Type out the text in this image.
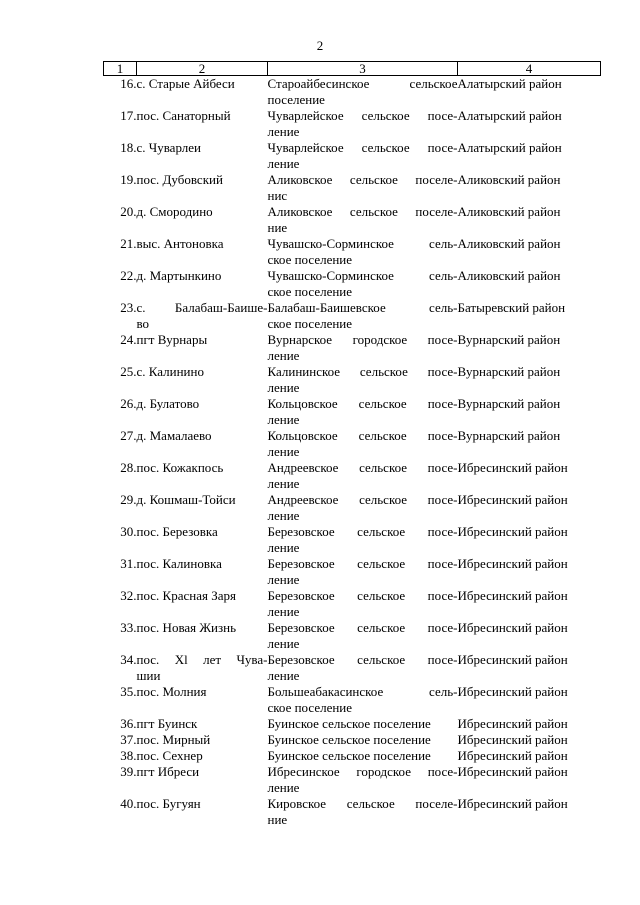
2
1	2	3	4
16.	с. Старые Айбеси	Староайбесинское сельское
поселение	Алатырский район
17.	пос. Санаторный	Чуварлейское сельское посе-
ление	Алатырский район
18.	с. Чуварлеи	Чуварлейское сельское посе-
ление	Алатырский район
19.	пос. Дубовский	Аликовское сельское поселе-
нис	Аликовский район
20.	д. Смородино	Аликовское сельское поселе-
ние	Аликовский район
21.	выс. Антоновка	Чувашско-Сорминское сель-
ское поселение	Аликовский район
22.	д. Мартынкино	Чувашско-Сорминское сель-
ское поселение	Аликовский район
23.	с. Балабаш-Баише-
во	Балабаш-Баишевское сель-
ское поселение	Батыревский район
24.	пгт Вурнары	Вурнарское городское посе-
ление	Вурнарский район
25.	с. Калинино	Калининское сельское посе-
ление	Вурнарский район
26.	д. Булатово	Кольцовское сельское посе-
ление	Вурнарский район
27.	д. Мамалаево	Кольцовское сельское посе-
ление	Вурнарский район
28.	пос. Кожакпось	Андреевское сельское посе-
ление	Ибресинский район
29.	д. Кошмаш-Тойси	Андреевское сельское посе-
ление	Ибресинский район
30.	пос. Березовка	Березовское сельское посе-
ление	Ибресинский район
31.	пос. Калиновка	Березовское сельское посе-
ление	Ибресинский район
32.	пос. Красная Заря	Березовское сельское посе-
ление	Ибресинский район
33.	пос. Новая Жизнь	Березовское сельское посе-
ление	Ибресинский район
34.	пос. Xl лет Чува-
шии	Березовское сельское посе-
ление	Ибресинский район
35.	пос. Молния	Большеабакасинское сель-
ское поселение	Ибресинский район
36.	пгт Буинск	Буинское сельское поселение	Ибресинский район
37.	пос. Мирный	Буинское сельское поселение	Ибресинский район
38.	пос. Сехнер	Буинское сельское поселение	Ибресинский район
39.	пгт Ибреси	Ибресинское городское посе-
ление	Ибресинский район
40.	пос. Бугуян	Кировское сельское поселе-
ние	Ибресинский район
